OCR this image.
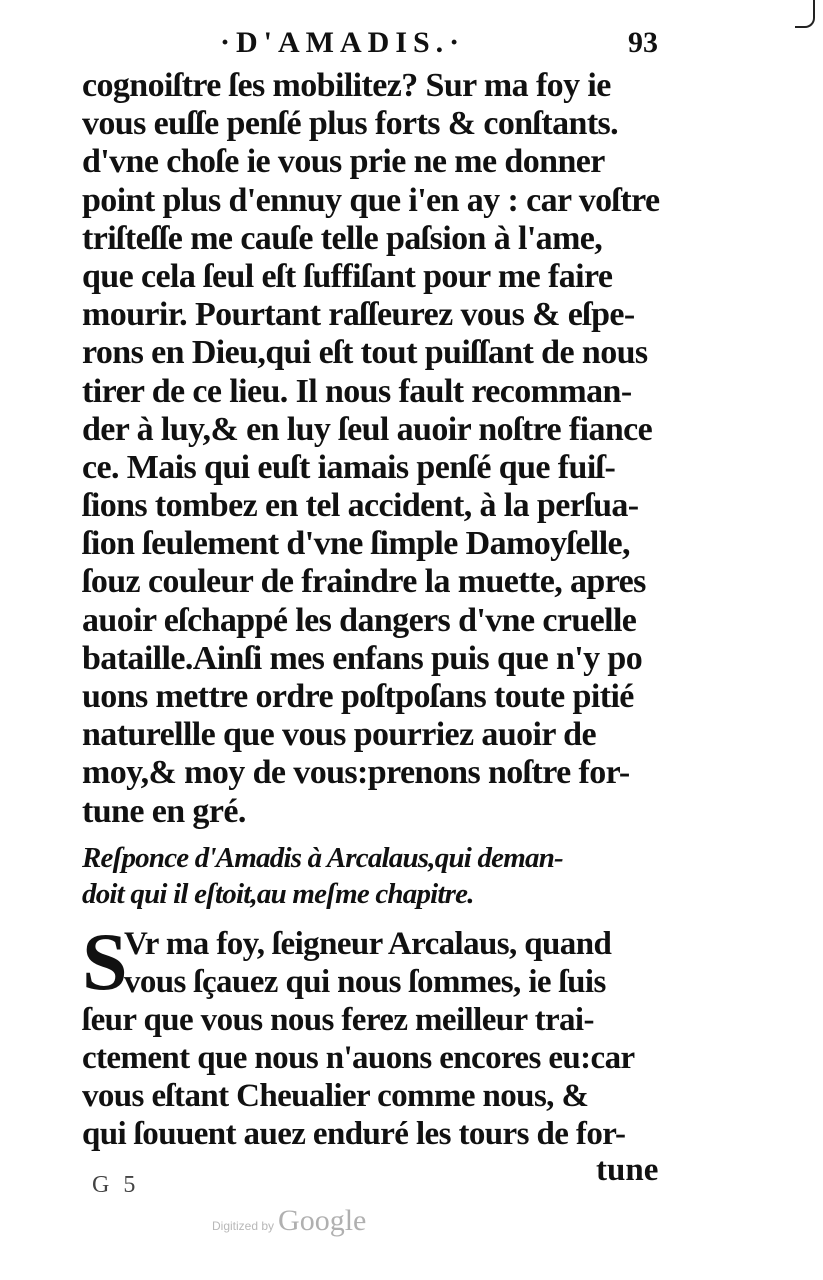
·D'AMADIS.·	93
cognoiſtre ſes mobilitez? Sur ma foy ie
vous euſſe penſé plus forts & conſtants.
d'vne choſe ie vous prie ne me donner
point plus d'ennuy que i'en ay : car voſtre
triſteſſe me cauſe telle paſsion à l'ame,
que cela ſeul eſt ſuffiſant pour me faire
mourir. Pourtant raſſeurez vous & eſpe-
rons en Dieu,qui eſt tout puiſſant de nous
tirer de ce lieu. Il nous fault recomman-
der à luy,& en luy ſeul auoir noſtre fiance
ce. Mais qui euſt iamais penſé que fuiſ-
ſions tombez en tel accident, à la perſua-
ſion ſeulement d'vne ſimple Damoyſelle,
ſouz couleur de fraindre la muette, apres
auoir eſchappé les dangers d'vne cruelle
bataille.Ainſi mes enfans puis que n'y po
uons mettre ordre poſtpoſans toute pitié
naturellle que vous pourriez auoir de
moy,& moy de vous:prenons noſtre for-
tune en gré.
Reſponce d'Amadis à Arcalaus,qui deman-
doit qui il eſtoit,au meſme chapitre.
S
Vr ma foy, ſeigneur Arcalaus, quand
vous ſçauez qui nous ſommes, ie ſuis
ſeur que vous nous ferez meilleur trai-
ctement que nous n'auons encores eu:car
vous eſtant Cheualier comme nous, &
qui ſouuent auez enduré les tours de for-
tune
G 5
Digitized by Google
